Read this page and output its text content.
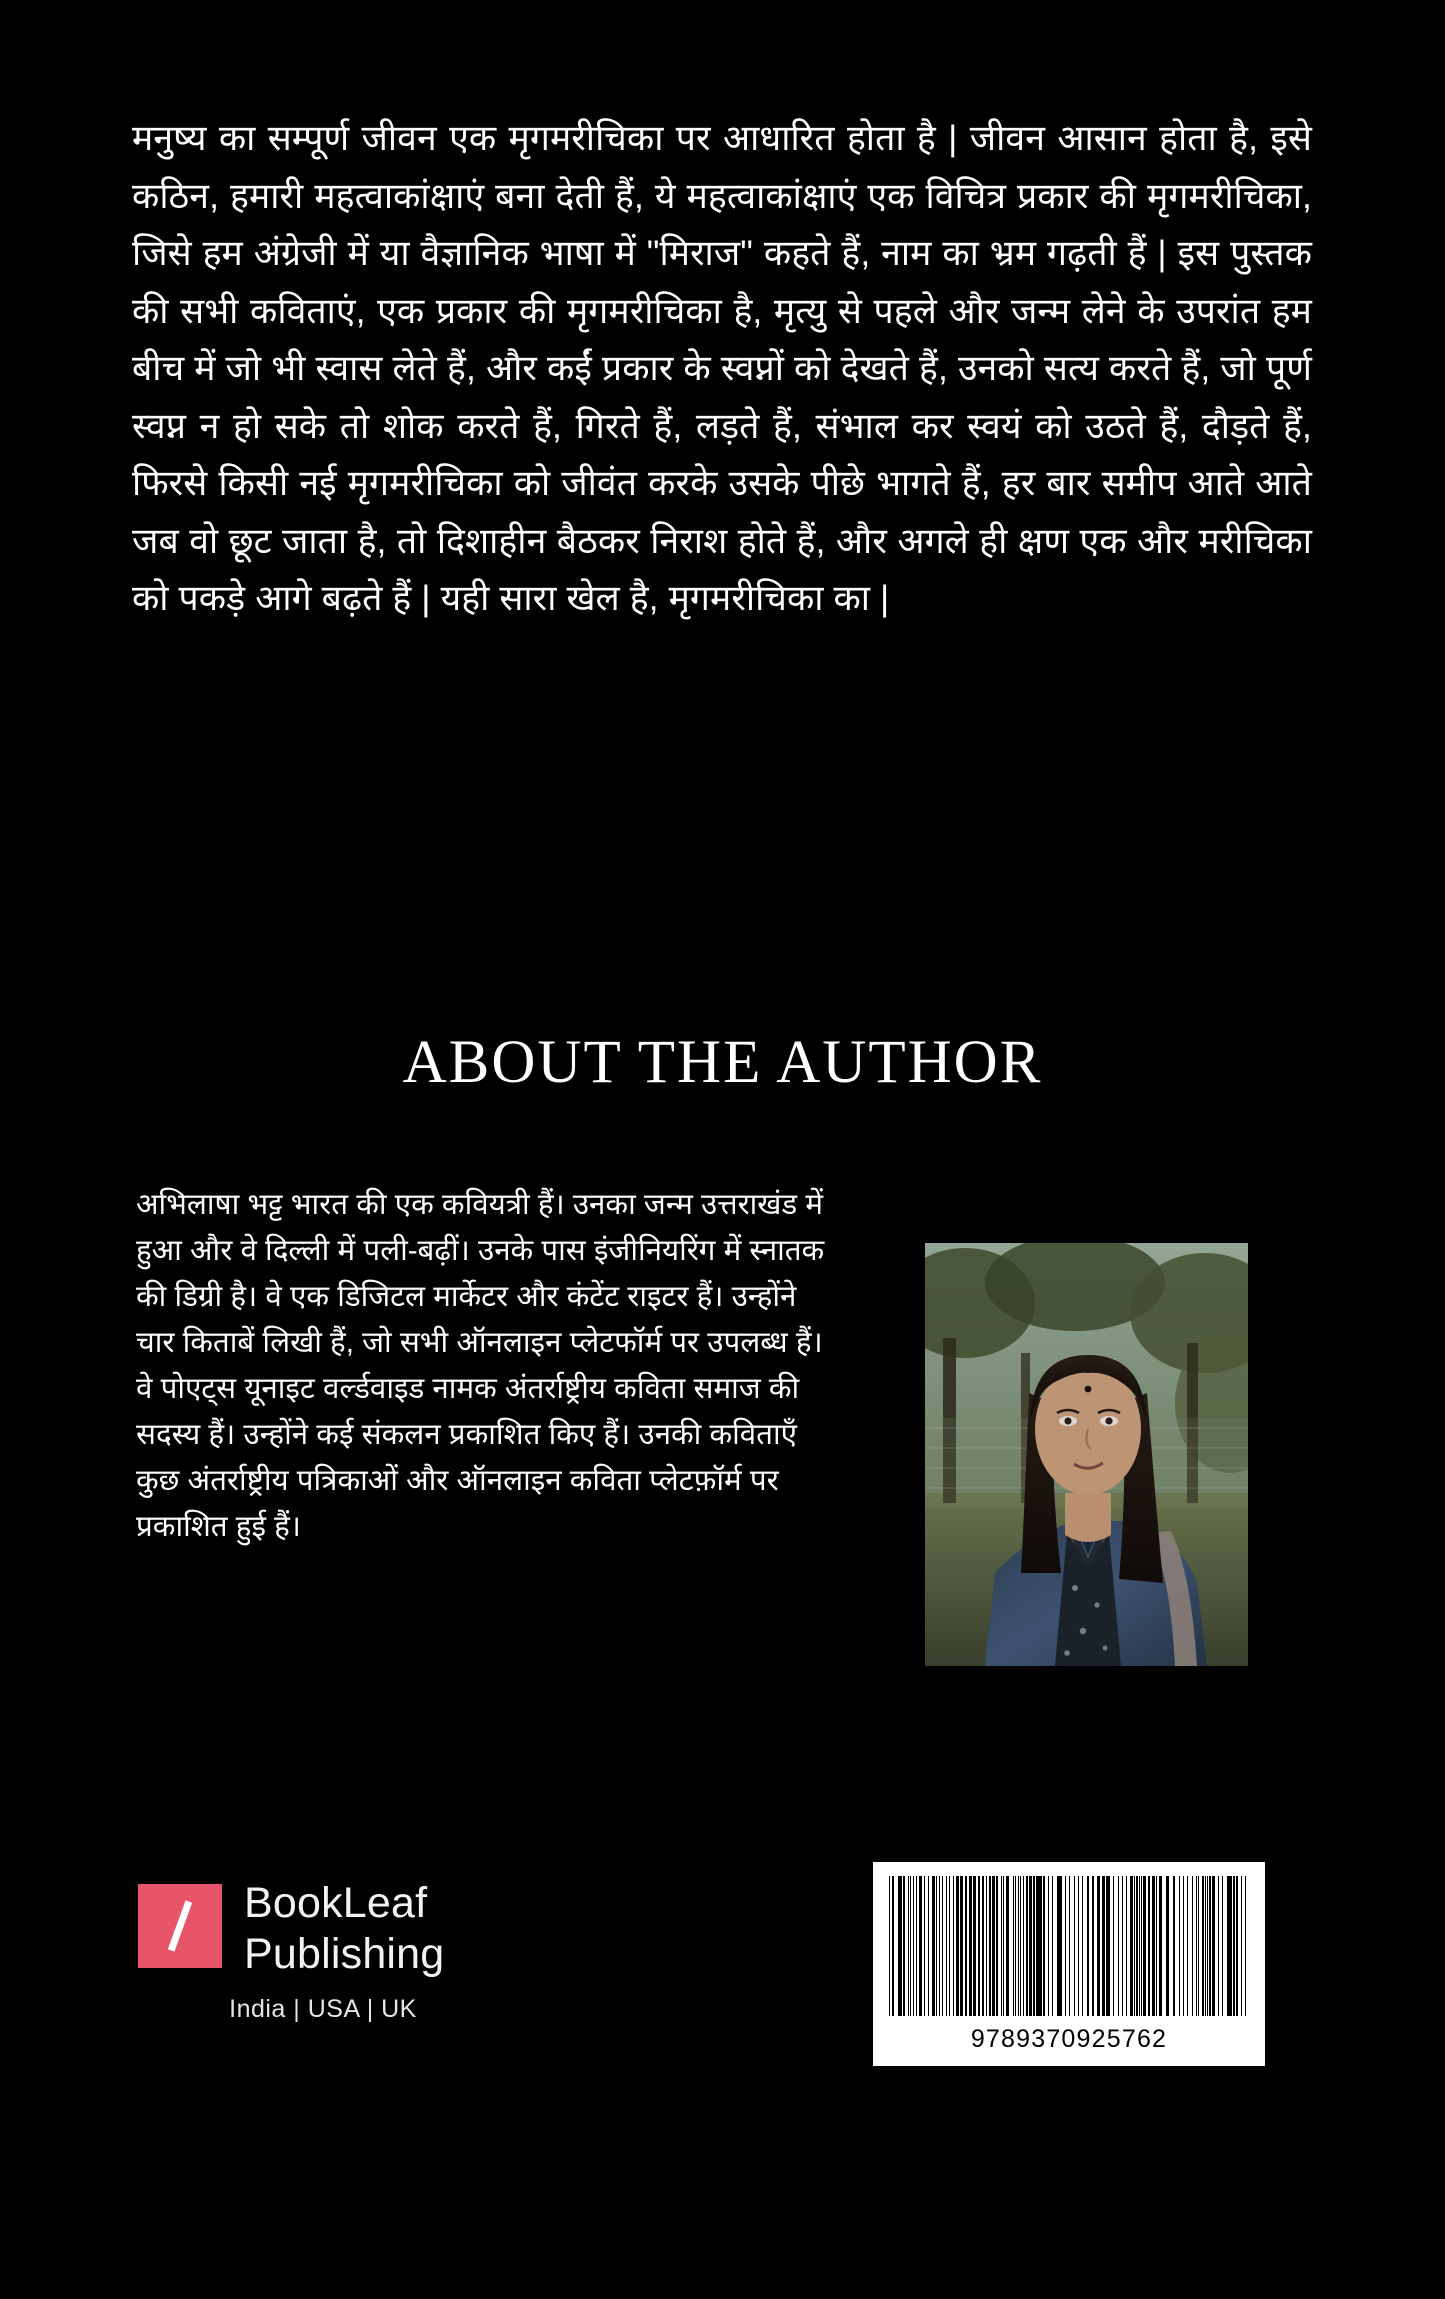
मनुष्य का सम्पूर्ण जीवन एक मृगमरीचिका पर आधारित होता है | जीवन आसान होता है, इसे कठिन, हमारी महत्वाकांक्षाएं बना देती हैं, ये महत्वाकांक्षाएं एक विचित्र प्रकार की मृगमरीचिका, जिसे हम अंग्रेजी में या वैज्ञानिक भाषा में "मिराज" कहते हैं, नाम का भ्रम गढ़ती हैं | इस पुस्तक की सभी कविताएं, एक प्रकार की मृगमरीचिका है, मृत्यु से पहले और जन्म लेने के उपरांत हम बीच में जो भी स्वास लेते हैं, और कईं प्रकार के स्वप्नों को देखते हैं, उनको सत्य करते हैं, जो पूर्ण स्वप्न न हो सके तो शोक करते हैं, गिरते हैं, लड़ते हैं, संभाल कर स्वयं को उठते हैं, दौड़ते हैं, फिरसे किसी नई मृगमरीचिका को जीवंत करके उसके पीछे भागते हैं, हर बार समीप आते आते जब वो छूट जाता है, तो दिशाहीन बैठकर निराश होते हैं, और अगले ही क्षण एक और मरीचिका को पकड़े आगे बढ़ते हैं | यही सारा खेल है, मृगमरीचिका का |
ABOUT THE AUTHOR
अभिलाषा भट्ट भारत की एक कवियत्री हैं। उनका जन्म उत्तराखंड में हुआ और वे दिल्ली में पली-बढ़ीं। उनके पास इंजीनियरिंग में स्नातक की डिग्री है। वे एक डिजिटल मार्केटर और कंटेंट राइटर हैं। उन्होंने चार किताबें लिखी हैं, जो सभी ऑनलाइन प्लेटफॉर्म पर उपलब्ध हैं। वे पोएट्स यूनाइट वर्ल्डवाइड नामक अंतर्राष्ट्रीय कविता समाज की सदस्य हैं। उन्होंने कई संकलन प्रकाशित किए हैं। उनकी कविताएँ कुछ अंतर्राष्ट्रीय पत्रिकाओं और ऑनलाइन कविता प्लेटफ़ॉर्म पर प्रकाशित हुई हैं।
BookLeaf
Publishing
India | USA | UK
9789370925762
